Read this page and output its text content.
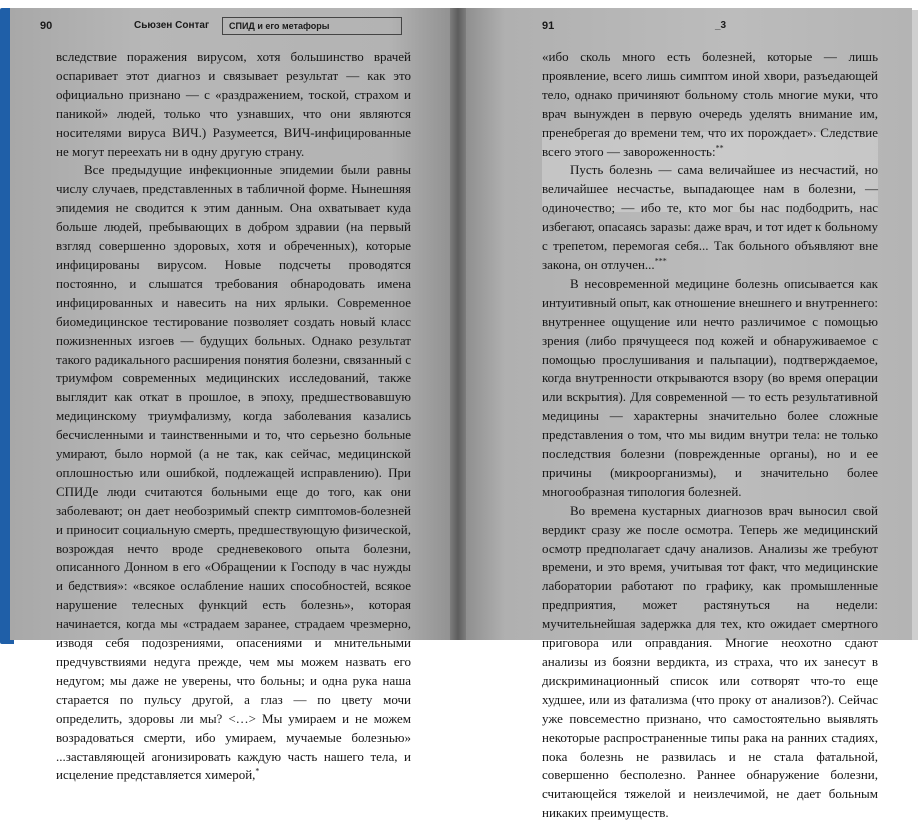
90	Сьюзен Сонтаг	СПИД и его метафоры	91	_3

вследствие поражения вирусом, хотя большинство врачей оспаривает этот диагноз и связывает результат — как это официально признано — с «раздражением, тоской, страхом и паникой» людей, только что узнавших, что они являются носителями вируса ВИЧ.) Разумеется, ВИЧ-инфицированные не могут переехать ни в одну другую страну.

Все предыдущие инфекционные эпидемии были равны числу случаев, представленных в табличной форме. Нынешняя эпидемия не сводится к этим данным. Она охватывает куда больше людей, пребывающих в добром здравии (на первый взгляд совершенно здоровых, хотя и обреченных), которые инфицированы вирусом. Новые подсчеты проводятся постоянно, и слышатся требования обнародовать имена инфицированных и навесить на них ярлыки. Современное биомедицинское тестирование позволяет создать новый класс пожизненных изгоев — будущих больных. Однако результат такого радикального расширения понятия болезни, связанный с триумфом современных медицинских исследований, также выглядит как откат в прошлое, в эпоху, предшествовавшую медицинскому триумфализму, когда заболевания казались бесчисленными и таинственными и то, что серьезно больные умирают, было нормой (а не так, как сейчас, медицинской оплошностью или ошибкой, подлежащей исправлению). При СПИДе люди считаются больными еще до того, как они заболевают; он дает необозримый спектр симптомов-болезней и приносит социальную смерть, предшествующую физической, возрождая нечто вроде средневекового опыта болезни, описанного Донном в его «Обращении к Господу в час нужды и бедствия»: «всякое ослабление наших способностей, всякое нарушение телесных функций есть болезнь», которая начинается, когда мы «страдаем заранее, страдаем чрезмерно, изводя себя подозрениями, опасениями и мнительными предчувствиями недуга прежде, чем мы можем назвать его недугом; мы даже не уверены, что больны; и одна рука наша старается по пульсу другой, а глаз — по цвету мочи определить, здоровы ли мы? <…> Мы умираем и не можем возрадоваться смерти, ибо умираем, мучаемые болезнью» ...заставляющей агонизировать каждую часть нашего тела, и исцеление представляется химерой,*

«ибо сколь много есть болезней, которые — лишь проявление, всего лишь симптом иной хвори, разъедающей тело, однако причиняют больному столь многие муки, что врач вынужден в первую очередь уделять внимание им, пренебрегая до времени тем, что их порождает». Следствие всего этого — завороженность:**

Пусть болезнь — сама величайшее из несчастий, но величайшее несчастье, выпадающее нам в болезни, — одиночество; — ибо те, кто мог бы нас подбодрить, нас избегают, опасаясь заразы: даже врач, и тот идет к больному с трепетом, перемогая себя... Так больного объявляют вне закона, он отлучен...***

В несовременной медицине болезнь описывается как интуитивный опыт, как отношение внешнего и внутреннего: внутреннее ощущение или нечто различимое с помощью зрения (либо прячущееся под кожей и обнаруживаемое с помощью прослушивания и пальпации), подтверждаемое, когда внутренности открываются взору (во время операции или вскрытия). Для современной — то есть результативной медицины — характерны значительно более сложные представления о том, что мы видим внутри тела: не только последствия болезни (поврежденные органы), но и ее причины (микроорганизмы), и значительно более многообразная типология болезней.

Во времена кустарных диагнозов врач выносил свой вердикт сразу же после осмотра. Теперь же медицинский осмотр предполагает сдачу анализов. Анализы же требуют времени, и это время, учитывая тот факт, что медицинские лаборатории работают по графику, как промышленные предприятия, может растянуться на недели: мучительнейшая задержка для тех, кто ожидает смертного приговора или оправдания. Многие неохотно сдают анализы из боязни вердикта, из страха, что их занесут в дискриминационный список или сотворят что-то еще худшее, или из фатализма (что проку от анализов?). Сейчас уже повсеместно признано, что самостоятельно выявлять некоторые распространенные типы рака на ранних стадиях, пока болезнь не развилась и не стала фатальной, совершенно бесполезно. Раннее обнаружение болезни, считающейся тяжелой и неизлечимой, не дает больным никаких преимуществ.
